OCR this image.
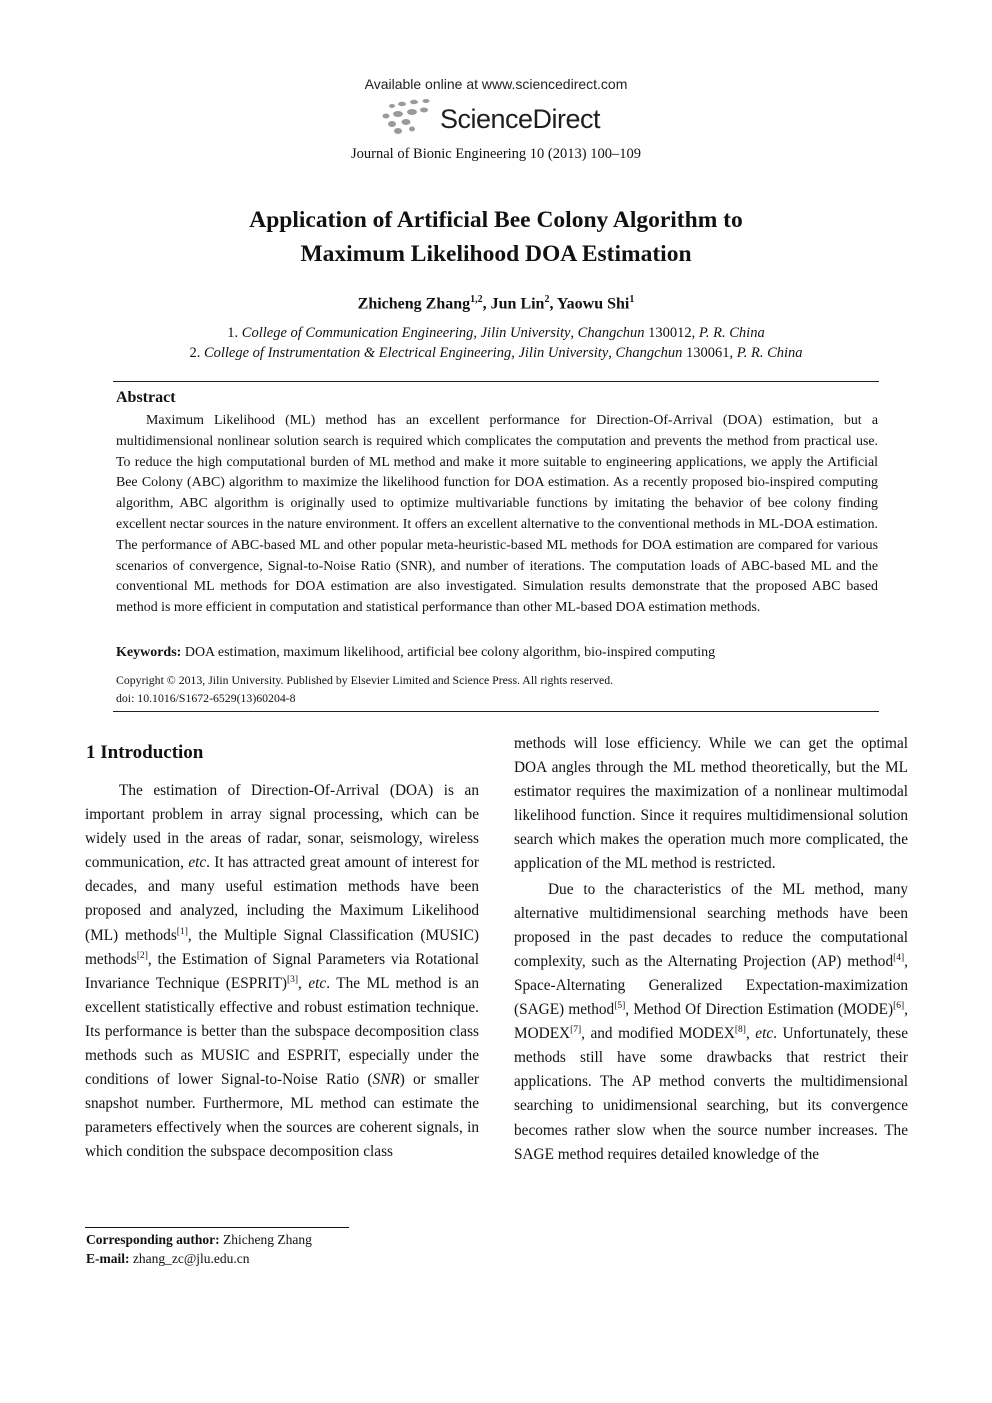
Available online at www.sciencedirect.com
ScienceDirect
Journal of Bionic Engineering 10 (2013) 100–109
Application of Artificial Bee Colony Algorithm to
Maximum Likelihood DOA Estimation
Zhicheng Zhang$^{1,2}$, Jun Lin$^2$, Yaowu Shi$^1$
1. College of Communication Engineering, Jilin University, Changchun 130012, P. R. China
2. College of Instrumentation & Electrical Engineering, Jilin University, Changchun 130061, P. R. China
Abstract
Maximum Likelihood (ML) method has an excellent performance for Direction-Of-Arrival (DOA) estimation, but a multidimensional nonlinear solution search is required which complicates the computation and prevents the method from practical use. To reduce the high computational burden of ML method and make it more suitable to engineering applications, we apply the Artificial Bee Colony (ABC) algorithm to maximize the likelihood function for DOA estimation. As a recently proposed bio-inspired computing algorithm, ABC algorithm is originally used to optimize multivariable functions by imitating the behavior of bee colony finding excellent nectar sources in the nature environment. It offers an excellent alternative to the conventional methods in ML-DOA estimation. The performance of ABC-based ML and other popular meta-heuristic-based ML methods for DOA estimation are compared for various scenarios of convergence, Signal-to-Noise Ratio (SNR), and number of iterations. The computation loads of ABC-based ML and the conventional ML methods for DOA estimation are also investigated. Simulation results demonstrate that the proposed ABC based method is more efficient in computation and statistical performance than other ML-based DOA estimation methods.
Keywords: DOA estimation, maximum likelihood, artificial bee colony algorithm, bio-inspired computing
Copyright © 2013, Jilin University. Published by Elsevier Limited and Science Press. All rights reserved.
doi: 10.1016/S1672-6529(13)60204-8
1 Introduction

The estimation of Direction-Of-Arrival (DOA) is an important problem in array signal processing, which can be widely used in the areas of radar, sonar, seismology, wireless communication, etc. It has attracted great amount of interest for decades, and many useful estimation methods have been proposed and analyzed, including the Maximum Likelihood (ML) methods[1], the Multiple Signal Classification (MUSIC) methods[2], the Estimation of Signal Parameters via Rotational Invariance Technique (ESPRIT)[3], etc. The ML method is an excellent statistically effective and robust estimation technique. Its performance is better than the subspace decomposition class methods such as MUSIC and ESPRIT, especially under the conditions of lower Signal-to-Noise Ratio (SNR) or smaller snapshot number. Furthermore, ML method can estimate the parameters effectively when the sources are coherent signals, in which condition the subspace decomposition class

methods will lose efficiency. While we can get the optimal DOA angles through the ML method theoretically, but the ML estimator requires the maximization of a nonlinear multimodal likelihood function. Since it requires multidimensional solution search which makes the operation much more complicated, the application of the ML method is restricted.

Due to the characteristics of the ML method, many alternative multidimensional searching methods have been proposed in the past decades to reduce the computational complexity, such as the Alternating Projection (AP) method[4], Space-Alternating Generalized Expectation-maximization (SAGE) method[5], Method Of Direction Estimation (MODE)[6], MODEX[7], and modified MODEX[8], etc. Unfortunately, these methods still have some drawbacks that restrict their applications. The AP method converts the multidimensional searching to unidimensional searching, but its convergence becomes rather slow when the source number increases. The SAGE method requires detailed knowledge of the

Corresponding author: Zhicheng Zhang
E-mail: zhang_zc@jlu.edu.cn
